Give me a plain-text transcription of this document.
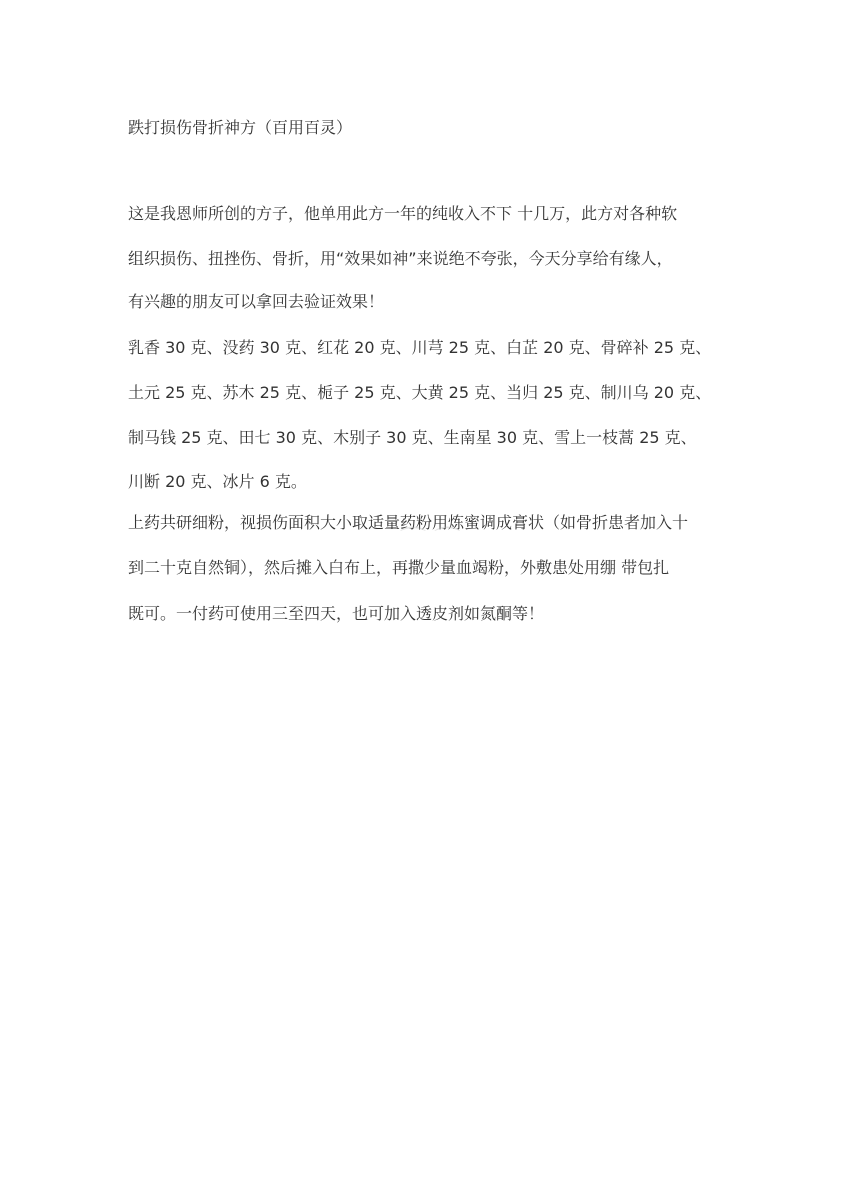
跌打损伤骨折神方（百用百灵）
这是我恩师所创的方子，他单用此方一年的纯收入不下 十几万，此方对各种软
组织损伤、扭挫伤、骨折，用“效果如神”来说绝不夸张，今天分享给有缘人，
有兴趣的朋友可以拿回去验证效果！
乳香 30 克、没药 30 克、红花 20 克、川芎 25 克、白芷 20 克、骨碎补 25 克、
土元 25 克、苏木 25 克、栀子 25 克、大黄 25 克、当归 25 克、制川乌 20 克、
制马钱 25 克、田七 30 克、木别子 30 克、生南星 30 克、雪上一枝蒿 25 克、
川断 20 克、冰片 6 克。
上药共研细粉，视损伤面积大小取适量药粉用炼蜜调成膏状（如骨折患者加入十
到二十克自然铜），然后摊入白布上，再撒少量血竭粉，外敷患处用绷 带包扎
既可。一付药可使用三至四天，也可加入透皮剂如氮酮等！
⌒ ⌒
